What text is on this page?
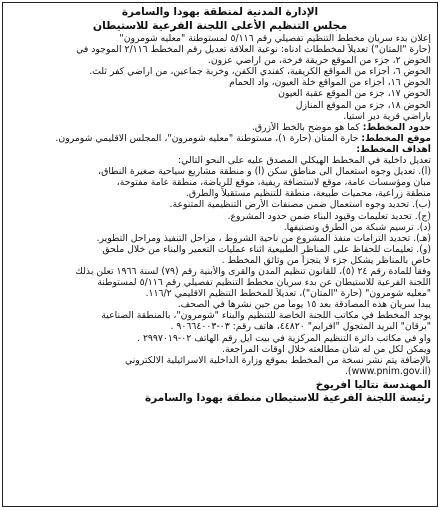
الإدارة المدنية لمنطقة يهودا والسامرة
مجلس التنظيم الأعلى اللجنة الفرعية للاستيطان
إعلان بدء سريان مخطط التنظيم تفصيلي رقم ٥/١١٦ لمستوطنة "معليه شومرون"
(حارة "المتان") تعديلاً لمخططات ادناه: نوعية العلاقة تعديل رقم المخطط ٢/١١٦ الموجود في
الحوض ٢، جزء من الموقع حريقة فرخة، من اراضي عزون.
الحوض ٦، أجزاء من المواقع الكريقية، كفندي الكفن، وخربة جماعين، من اراضي كفر ثلث.
الحوض ١٦، أجزاء من المواقع خلة العيون، واد الحمام
الحوض ١٧، جزء من الموقع عقبة العيون
الحوض ١٨، جزء من الموقع المنازل
باراضي قرية دير استيا.
حدود المخطط: كما هو موضح بالخط الأزرق.
موقع المخطط: حارة المتان (حارة ١)، مستوطنة "معليه شومرون"، المجلس الاقليمي شومرون.
أهداف المخطط:
تعديل داخلية في المخطط الهيكلي المصدق عليه على النحو التالي:
(أ). تعديل وجوه استعمال الى مناطق سكن (أ) و منطقة مشاريع سياحية صغيرة النطاق،
مبان ومؤسسات عامة، موقع لاستضافة ريفية، موقع للرياضة، منطقة عامة مفتوحة،
منطقة زراعية، محميات طبيعة، منطقة للتنظيم مستقبلاً والطرق.
(ب). تحديد وجوه استعمال ضمن مصنفات الأرض التنظيمية المتنوعة.
(ج). تحديد تعليمات وقيود البناء ضمن حدود المشروع.
(د). ترسيم شبكة من الطرق وتصنيفها.
(هـ). تحديد الترامات منفذ المشروع من ناحية الشروط ، مراحل التنفيذ ومراحل التطوير.
(و). تعليمات للحفاظ على المناظر الطبيعية اثناء عمليات التعمير والبناء من خلال ملحق
خاص بالمناظر يشكل جزء لا يتجزأ من وثائق المخطط .
وفقاً للمادة رقم ٢٤ (٥)، للقانون تنظيم المدن والقرى والأبنية رقم (٧٩) لسنة ١٩٦٦ تعلن بذلك
اللجنة الفرعية للاستيطان عن بدء سريان مخطط التنظيم تفصيلي رقم ٥/١١٦ لمستوطنة
"معليه شومرون" (حارة "المتان")، تعديلاً للمخطط التنظيم الاقليمي ١١٦/٢.
يبدأ سريان هذه المصادقة بعد ١٥ يوماً من حين نشرها في الصحف.
يوجد المخطط في مكاتب اللجنة الخاصة للتنظيم والبناء "شومرون"، بالمنطقة الصناعية
"برقان" البريد المتجول "افرايم" ٤٤٨٢٠، هاتف رقم: ٠٣-٩٠٦٦٤٠٠٣ .
واو في مكاتب دائرة التنظيم المركزية في بيت ايل رقم الهاتف ٠٢-٢٩٩٧٠١٩ .
ويمكن لكل من له شأن مطالعته خلال اوقات المراجعة.
بالإضافة يتم نشر نسخة من المخطط بموقع وزارة الداخلية الاسرائيلية الالكتروني
(www.pnim.gov.il).
المهندسة نتاليا أفريوخ
رئيسة اللجنة الفرعية للاستيطان منطقة يهودا والسامرة
